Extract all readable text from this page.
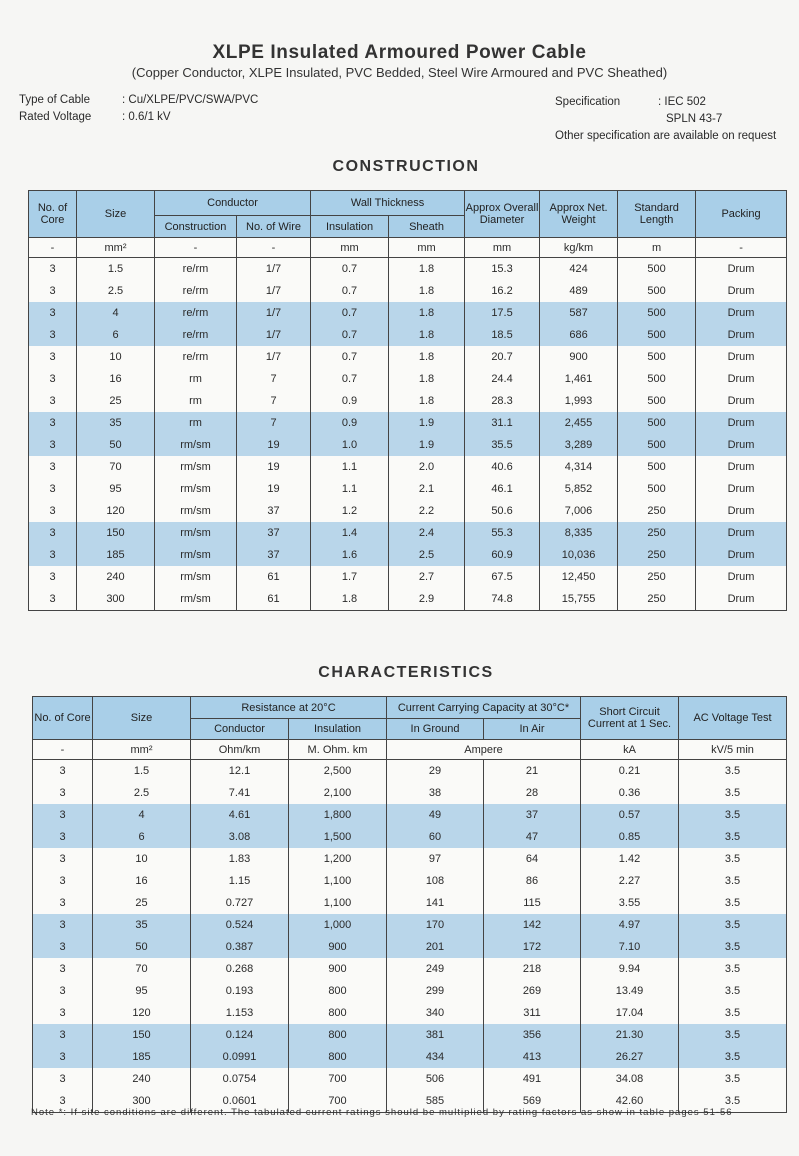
XLPE Insulated Armoured Power Cable
(Copper Conductor, XLPE Insulated, PVC Bedded, Steel Wire Armoured and PVC Sheathed)
Type of Cable	: Cu/XLPE/PVC/SWA/PVC
Rated Voltage	: 0.6/1 kV
Specification	: IEC 502
SPLN 43-7
Other specification are available on request
CONSTRUCTION
No. of Core	Size	Conductor		Wall Thickness		Approx Overall Diameter	Approx Net. Weight	Standard Length	Packing
		Construction	No. of Wire	Insulation	Sheath				
-	mm²	-	-	mm	mm	mm	kg/km	m	-
3	1.5	re/rm	1/7	0.7	1.8	15.3	424	500	Drum
3	2.5	re/rm	1/7	0.7	1.8	16.2	489	500	Drum
3	4	re/rm	1/7	0.7	1.8	17.5	587	500	Drum
3	6	re/rm	1/7	0.7	1.8	18.5	686	500	Drum
3	10	re/rm	1/7	0.7	1.8	20.7	900	500	Drum
3	16	rm	7	0.7	1.8	24.4	1,461	500	Drum
3	25	rm	7	0.9	1.8	28.3	1,993	500	Drum
3	35	rm	7	0.9	1.9	31.1	2,455	500	Drum
3	50	rm/sm	19	1.0	1.9	35.5	3,289	500	Drum
3	70	rm/sm	19	1.1	2.0	40.6	4,314	500	Drum
3	95	rm/sm	19	1.1	2.1	46.1	5,852	500	Drum
3	120	rm/sm	37	1.2	2.2	50.6	7,006	250	Drum
3	150	rm/sm	37	1.4	2.4	55.3	8,335	250	Drum
3	185	rm/sm	37	1.6	2.5	60.9	10,036	250	Drum
3	240	rm/sm	61	1.7	2.7	67.5	12,450	250	Drum
3	300	rm/sm	61	1.8	2.9	74.8	15,755	250	Drum
CHARACTERISTICS
No. of Core	Size	Resistance at 20°C		Current Carrying Capacity at 30°C*		Short Circuit Current at 1 Sec.	AC Voltage Test
		Conductor	Insulation	In Ground	In Air		
-	mm²	Ohm/km	M. Ohm. km	Ampere		kA	kV/5 min
3	1.5	12.1	2,500	29	21	0.21	3.5
3	2.5	7.41	2,100	38	28	0.36	3.5
3	4	4.61	1,800	49	37	0.57	3.5
3	6	3.08	1,500	60	47	0.85	3.5
3	10	1.83	1,200	97	64	1.42	3.5
3	16	1.15	1,100	108	86	2.27	3.5
3	25	0.727	1,100	141	115	3.55	3.5
3	35	0.524	1,000	170	142	4.97	3.5
3	50	0.387	900	201	172	7.10	3.5
3	70	0.268	900	249	218	9.94	3.5
3	95	0.193	800	299	269	13.49	3.5
3	120	1.153	800	340	311	17.04	3.5
3	150	0.124	800	381	356	21.30	3.5
3	185	0.0991	800	434	413	26.27	3.5
3	240	0.0754	700	506	491	34.08	3.5
3	300	0.0601	700	585	569	42.60	3.5
Note *: If site conditions are different. The tabulated current ratings should be multiplied by rating factors as show in table pages 51-56
